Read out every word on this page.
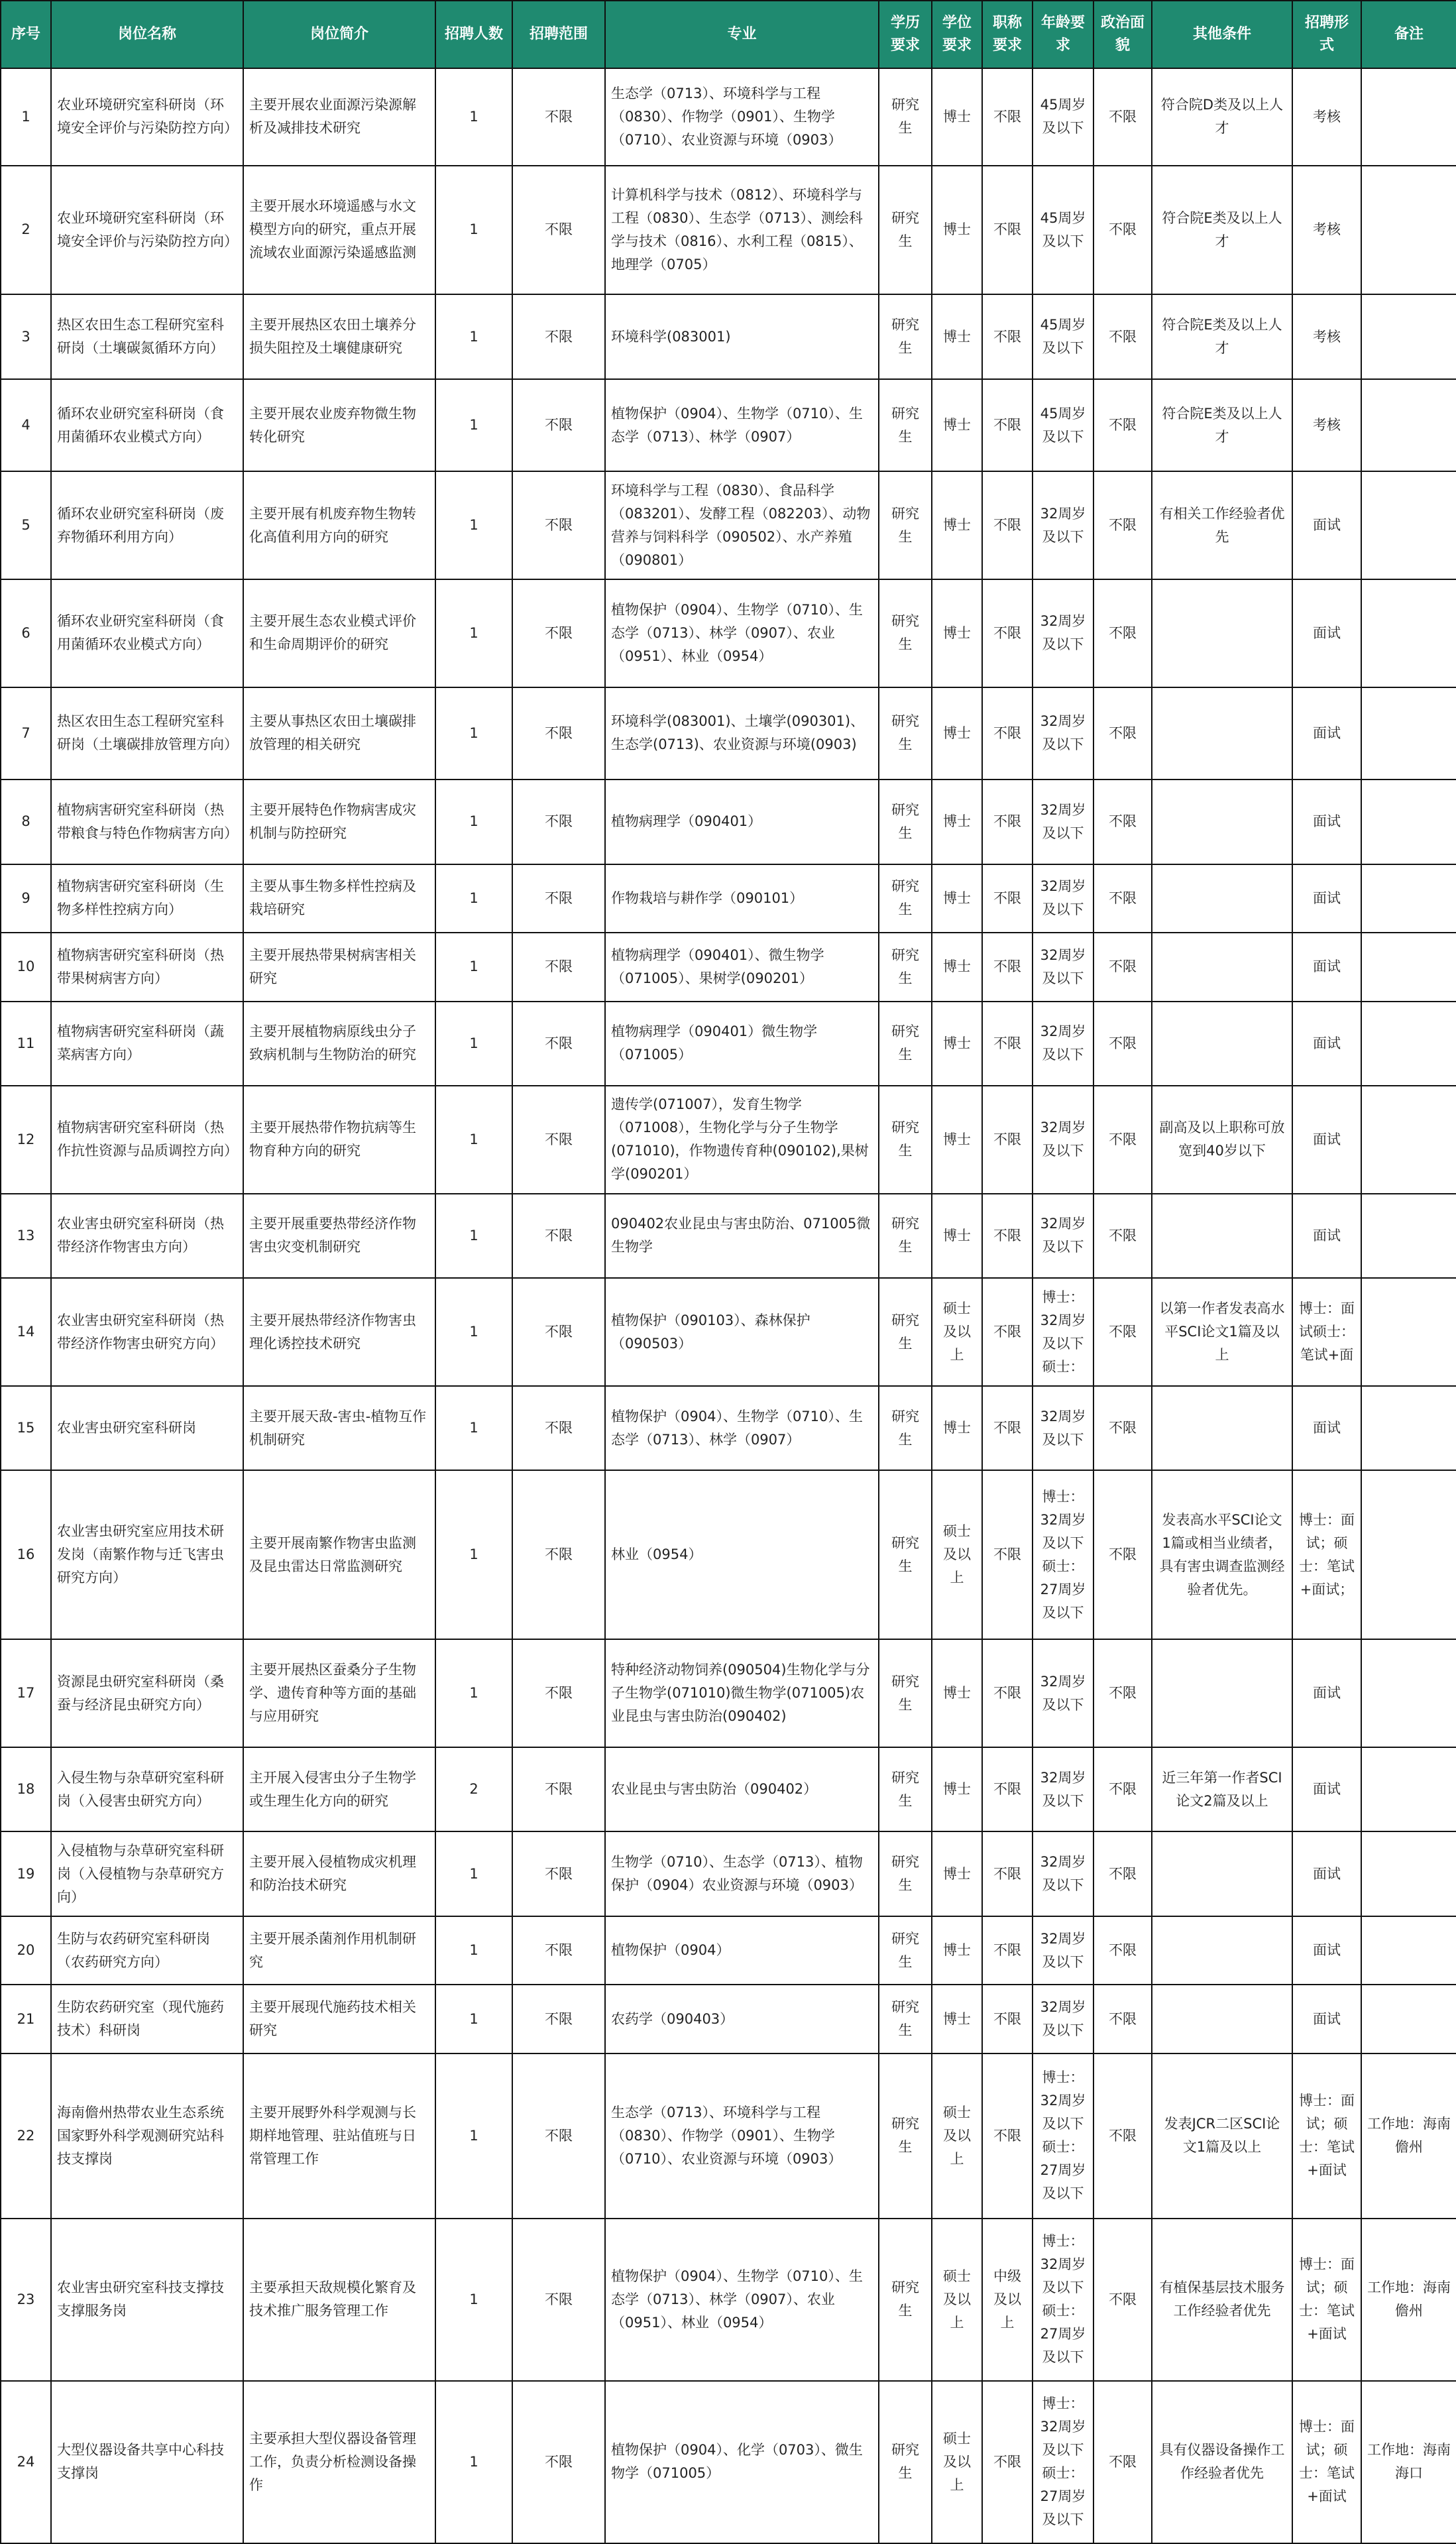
序号	岗位名称	岗位简介	招聘人数	招聘范围	专业	学历要求	学位要求	职称要求	年龄要求	政治面貌	其他条件	招聘形式	备注
1	农业环境研究室科研岗（环境安全评价与污染防控方向）	主要开展农业面源污染源解析及减排技术研究	1	不限	生态学（0713）、环境科学与工程（0830）、作物学（0901）、生物学（0710）、农业资源与环境（0903）	研究生	博士	不限	45周岁及以下	不限	符合院D类及以上人才	考核	
2	农业环境研究室科研岗（环境安全评价与污染防控方向）	主要开展水环境遥感与水文模型方向的研究，重点开展流域农业面源污染遥感监测	1	不限	计算机科学与技术（0812）、环境科学与工程（0830）、生态学（0713）、测绘科学与技术（0816）、水利工程（0815）、地理学（0705）	研究生	博士	不限	45周岁及以下	不限	符合院E类及以上人才	考核	
3	热区农田生态工程研究室科研岗（土壤碳氮循环方向）	主要开展热区农田土壤养分损失阻控及土壤健康研究	1	不限	环境科学(083001)	研究生	博士	不限	45周岁及以下	不限	符合院E类及以上人才	考核	
4	循环农业研究室科研岗（食用菌循环农业模式方向）	主要开展农业废弃物微生物转化研究	1	不限	植物保护（0904）、生物学（0710）、生态学（0713）、林学（0907）	研究生	博士	不限	45周岁及以下	不限	符合院E类及以上人才	考核	
5	循环农业研究室科研岗（废弃物循环利用方向）	主要开展有机废弃物生物转化高值利用方向的研究	1	不限	环境科学与工程（0830）、食品科学（083201）、发酵工程（082203）、动物营养与饲料科学（090502）、水产养殖（090801）	研究生	博士	不限	32周岁及以下	不限	有相关工作经验者优先	面试	
6	循环农业研究室科研岗（食用菌循环农业模式方向）	主要开展生态农业模式评价和生命周期评价的研究	1	不限	植物保护（0904）、生物学（0710）、生态学（0713）、林学（0907）、农业（0951）、林业（0954）	研究生	博士	不限	32周岁及以下	不限		面试	
7	热区农田生态工程研究室科研岗（土壤碳排放管理方向）	主要从事热区农田土壤碳排放管理的相关研究	1	不限	环境科学(083001)、土壤学(090301)、生态学(0713)、农业资源与环境(0903)	研究生	博士	不限	32周岁及以下	不限		面试	
8	植物病害研究室科研岗（热带粮食与特色作物病害方向）	主要开展特色作物病害成灾机制与防控研究	1	不限	植物病理学（090401）	研究生	博士	不限	32周岁及以下	不限		面试	
9	植物病害研究室科研岗（生物多样性控病方向）	主要从事生物多样性控病及栽培研究	1	不限	作物栽培与耕作学（090101）	研究生	博士	不限	32周岁及以下	不限		面试	
10	植物病害研究室科研岗（热带果树病害方向）	主要开展热带果树病害相关研究	1	不限	植物病理学（090401）、微生物学（071005）、果树学(090201）	研究生	博士	不限	32周岁及以下	不限		面试	
11	植物病害研究室科研岗（蔬菜病害方向）	主要开展植物病原线虫分子致病机制与生物防治的研究	1	不限	植物病理学（090401）微生物学（071005）	研究生	博士	不限	32周岁及以下	不限		面试	
12	植物病害研究室科研岗（热作抗性资源与品质调控方向）	主要开展热带作物抗病等生物育种方向的研究	1	不限	遗传学(071007），发育生物学（071008），生物化学与分子生物学(071010)，作物遗传育种(090102),果树学(090201）	研究生	博士	不限	32周岁及以下	不限	副高及以上职称可放宽到40岁以下	面试	
13	农业害虫研究室科研岗（热带经济作物害虫方向）	主要开展重要热带经济作物害虫灾变机制研究	1	不限	090402农业昆虫与害虫防治、071005微生物学	研究生	博士	不限	32周岁及以下	不限		面试	
14	农业害虫研究室科研岗（热带经济作物害虫研究方向）	主要开展热带经济作物害虫理化诱控技术研究	1	不限	植物保护（090103）、森林保护（090503）	研究生	硕士及以上	不限	博士：32周岁及以下硕士：	不限	以第一作者发表高水平SCI论文1篇及以上	博士：面试硕士：笔试+面	
15	农业害虫研究室科研岗	主要开展天敌-害虫-植物互作机制研究	1	不限	植物保护（0904）、生物学（0710）、生态学（0713）、林学（0907）	研究生	博士	不限	32周岁及以下	不限		面试	
16	农业害虫研究室应用技术研发岗（南繁作物与迁飞害虫研究方向）	主要开展南繁作物害虫监测及昆虫雷达日常监测研究	1	不限	林业（0954）	研究生	硕士及以上	不限	博士：32周岁及以下硕士：27周岁及以下	不限	发表高水平SCI论文1篇或相当业绩者，具有害虫调查监测经验者优先。	博士：面试；硕士：笔试+面试；	
17	资源昆虫研究室科研岗（桑蚕与经济昆虫研究方向）	主要开展热区蚕桑分子生物学、遗传育种等方面的基础与应用研究	1	不限	特种经济动物饲养(090504)生物化学与分子生物学(071010)微生物学(071005)农业昆虫与害虫防治(090402)	研究生	博士	不限	32周岁及以下	不限		面试	
18	入侵生物与杂草研究室科研岗（入侵害虫研究方向）	主开展入侵害虫分子生物学或生理生化方向的研究	2	不限	农业昆虫与害虫防治（090402）	研究生	博士	不限	32周岁及以下	不限	近三年第一作者SCI论文2篇及以上	面试	
19	入侵植物与杂草研究室科研岗（入侵植物与杂草研究方向）	主要开展入侵植物成灾机理和防治技术研究	1	不限	生物学（0710）、生态学（0713）、植物保护（0904）农业资源与环境（0903）	研究生	博士	不限	32周岁及以下	不限		面试	
20	生防与农药研究室科研岗（农药研究方向）	主要开展杀菌剂作用机制研究	1	不限	植物保护（0904）	研究生	博士	不限	32周岁及以下	不限		面试	
21	生防农药研究室（现代施药技术）科研岗	主要开展现代施药技术相关研究	1	不限	农药学（090403）	研究生	博士	不限	32周岁及以下	不限		面试	
22	海南儋州热带农业生态系统国家野外科学观测研究站科技支撑岗	主要开展野外科学观测与长期样地管理、驻站值班与日常管理工作	1	不限	生态学（0713）、环境科学与工程（0830）、作物学（0901）、生物学（0710）、农业资源与环境（0903）	研究生	硕士及以上	不限	博士：32周岁及以下硕士：27周岁及以下	不限	发表JCR二区SCI论文1篇及以上	博士：面试；硕士：笔试+面试	工作地：海南儋州
23	农业害虫研究室科技支撑技支撑服务岗	主要承担天敌规模化繁育及技术推广服务管理工作	1	不限	植物保护（0904）、生物学（0710）、生态学（0713）、林学（0907）、农业（0951）、林业（0954）	研究生	硕士及以上	中级及以上	博士：32周岁及以下硕士：27周岁及以下	不限	有植保基层技术服务工作经验者优先	博士：面试；硕士：笔试+面试	工作地：海南儋州
24	大型仪器设备共享中心科技支撑岗	主要承担大型仪器设备管理工作，负责分析检测设备操作	1	不限	植物保护（0904）、化学（0703）、微生物学（071005）	研究生	硕士及以上	不限	博士：32周岁及以下硕士：27周岁及以下	不限	具有仪器设备操作工作经验者优先	博士：面试；硕士：笔试+面试	工作地：海南海口
